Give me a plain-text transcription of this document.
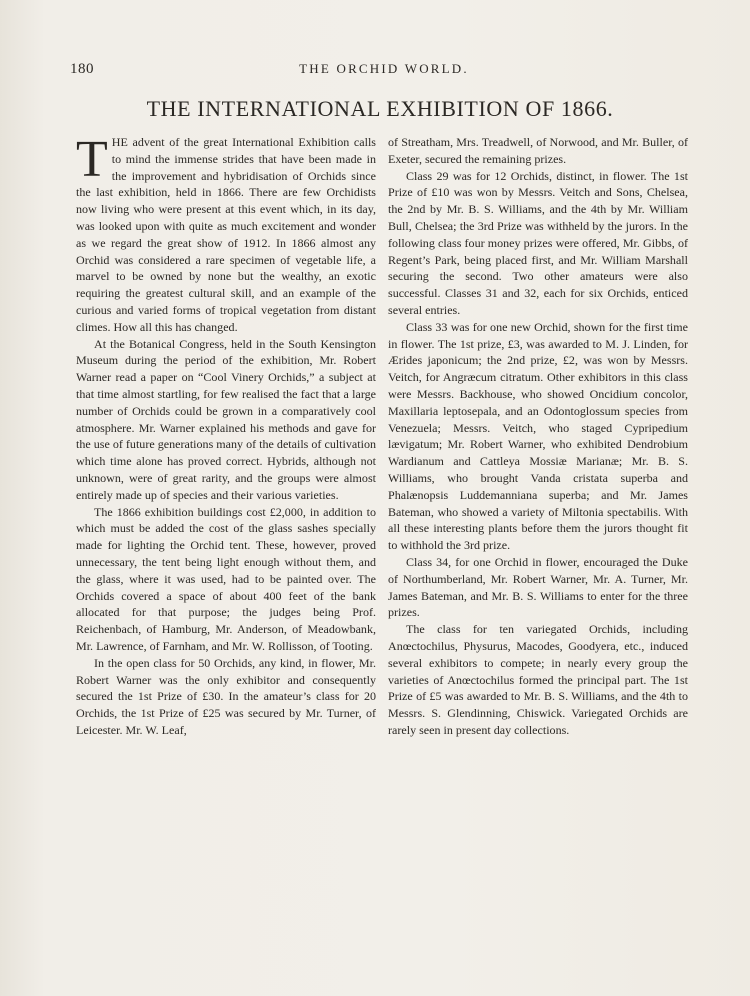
180	THE ORCHID WORLD.
THE INTERNATIONAL EXHIBITION OF 1866.

THE advent of the great International Exhibition calls to mind the immense strides that have been made in the improvement and hybridisation of Orchids since the last exhibition, held in 1866. There are few Orchidists now living who were present at this event which, in its day, was looked upon with quite as much excitement and wonder as we regard the great show of 1912. In 1866 almost any Orchid was considered a rare specimen of vegetable life, a marvel to be owned by none but the wealthy, an exotic requiring the greatest cultural skill, and an example of the curious and varied forms of tropical vegetation from distant climes. How all this has changed.

At the Botanical Congress, held in the South Kensington Museum during the period of the exhibition, Mr. Robert Warner read a paper on “Cool Vinery Orchids,” a subject at that time almost startling, for few realised the fact that a large number of Orchids could be grown in a comparatively cool atmosphere. Mr. Warner explained his methods and gave for the use of future generations many of the details of cultivation which time alone has proved correct. Hybrids, although not unknown, were of great rarity, and the groups were almost entirely made up of species and their various varieties.

The 1866 exhibition buildings cost £2,000, in addition to which must be added the cost of the glass sashes specially made for lighting the Orchid tent. These, however, proved unnecessary, the tent being light enough without them, and the glass, where it was used, had to be painted over. The Orchids covered a space of about 400 feet of the bank allocated for that purpose; the judges being Prof. Reichenbach, of Hamburg, Mr. Anderson, of Meadowbank, Mr. Lawrence, of Farnham, and Mr. W. Rollisson, of Tooting.

In the open class for 50 Orchids, any kind, in flower, Mr. Robert Warner was the only exhibitor and consequently secured the 1st Prize of £30. In the amateur’s class for 20 Orchids, the 1st Prize of £25 was secured by Mr. Turner, of Leicester. Mr. W. Leaf,

of Streatham, Mrs. Treadwell, of Norwood, and Mr. Buller, of Exeter, secured the remaining prizes.

Class 29 was for 12 Orchids, distinct, in flower. The 1st Prize of £10 was won by Messrs. Veitch and Sons, Chelsea, the 2nd by Mr. B. S. Williams, and the 4th by Mr. William Bull, Chelsea; the 3rd Prize was withheld by the jurors. In the following class four money prizes were offered, Mr. Gibbs, of Regent’s Park, being placed first, and Mr. William Marshall securing the second. Two other amateurs were also successful. Classes 31 and 32, each for six Orchids, enticed several entries.

Class 33 was for one new Orchid, shown for the first time in flower. The 1st prize, £3, was awarded to M. J. Linden, for Ærides japonicum; the 2nd prize, £2, was won by Messrs. Veitch, for Angræcum citratum. Other exhibitors in this class were Messrs. Backhouse, who showed Oncidium concolor, Maxillaria leptosepala, and an Odontoglossum species from Venezuela; Messrs. Veitch, who staged Cypripedium lævigatum; Mr. Robert Warner, who exhibited Dendrobium Wardianum and Cattleya Mossiæ Marianæ; Mr. B. S. Williams, who brought Vanda cristata superba and Phalænopsis Luddemanniana superba; and Mr. James Bateman, who showed a variety of Miltonia spectabilis. With all these interesting plants before them the jurors thought fit to withhold the 3rd prize.

Class 34, for one Orchid in flower, encouraged the Duke of Northumberland, Mr. Robert Warner, Mr. A. Turner, Mr. James Bateman, and Mr. B. S. Williams to enter for the three prizes.

The class for ten variegated Orchids, including Anœctochilus, Physurus, Macodes, Goodyera, etc., induced several exhibitors to compete; in nearly every group the varieties of Anœctochilus formed the principal part. The 1st Prize of £5 was awarded to Mr. B. S. Williams, and the 4th to Messrs. S. Glendinning, Chiswick. Variegated Orchids are rarely seen in present day collections.
